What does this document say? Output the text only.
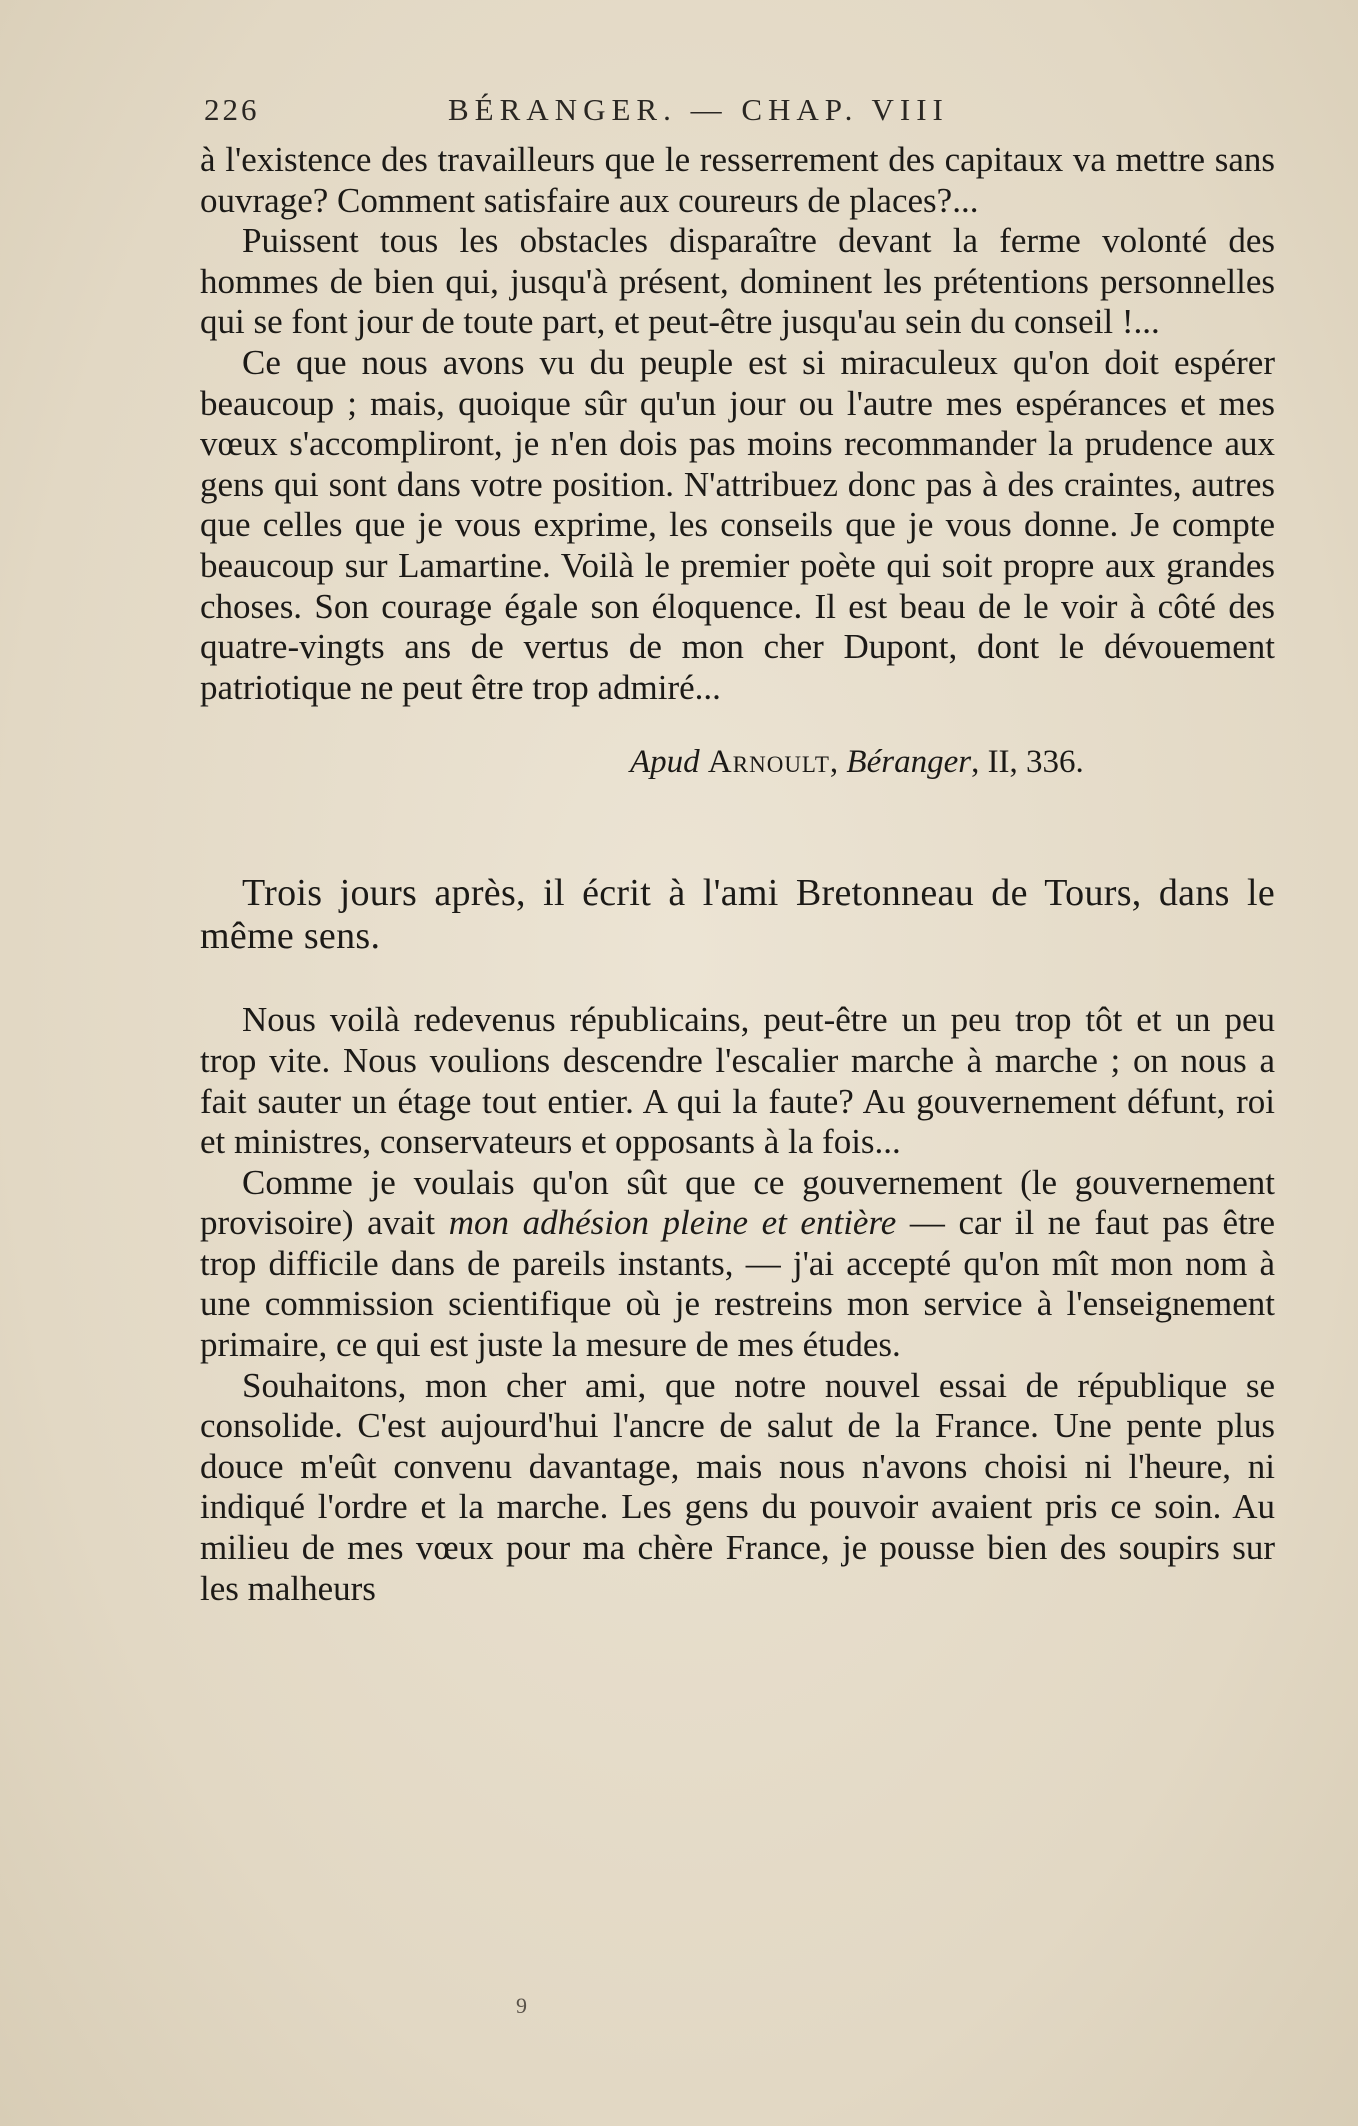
226	BÉRANGER. — CHAP. VIII

à l'existence des travailleurs que le resserrement des capitaux va mettre sans ouvrage? Comment satisfaire aux coureurs de places?...

Puissent tous les obstacles disparaître devant la ferme volonté des hommes de bien qui, jusqu'à présent, dominent les prétentions personnelles qui se font jour de toute part, et peut-être jusqu'au sein du conseil !...

Ce que nous avons vu du peuple est si miraculeux qu'on doit espérer beaucoup ; mais, quoique sûr qu'un jour ou l'autre mes espérances et mes vœux s'accompliront, je n'en dois pas moins recommander la prudence aux gens qui sont dans votre position. N'attribuez donc pas à des craintes, autres que celles que je vous exprime, les conseils que je vous donne. Je compte beaucoup sur Lamartine. Voilà le premier poète qui soit propre aux grandes choses. Son courage égale son éloquence. Il est beau de le voir à côté des quatre-vingts ans de vertus de mon cher Dupont, dont le dévouement patriotique ne peut être trop admiré...

Apud Arnoult, Béranger, II, 336.

Trois jours après, il écrit à l'ami Bretonneau de Tours, dans le même sens.

Nous voilà redevenus républicains, peut-être un peu trop tôt et un peu trop vite. Nous voulions descendre l'escalier marche à marche ; on nous a fait sauter un étage tout entier. A qui la faute? Au gouvernement défunt, roi et ministres, conservateurs et opposants à la fois...

Comme je voulais qu'on sût que ce gouvernement (le gouvernement provisoire) avait mon adhésion pleine et entière — car il ne faut pas être trop difficile dans de pareils instants, — j'ai accepté qu'on mît mon nom à une commission scientifique où je restreins mon service à l'enseignement primaire, ce qui est juste la mesure de mes études.

Souhaitons, mon cher ami, que notre nouvel essai de république se consolide. C'est aujourd'hui l'ancre de salut de la France. Une pente plus douce m'eût convenu davantage, mais nous n'avons choisi ni l'heure, ni indiqué l'ordre et la marche. Les gens du pouvoir avaient pris ce soin. Au milieu de mes vœux pour ma chère France, je pousse bien des soupirs sur les malheurs

9
